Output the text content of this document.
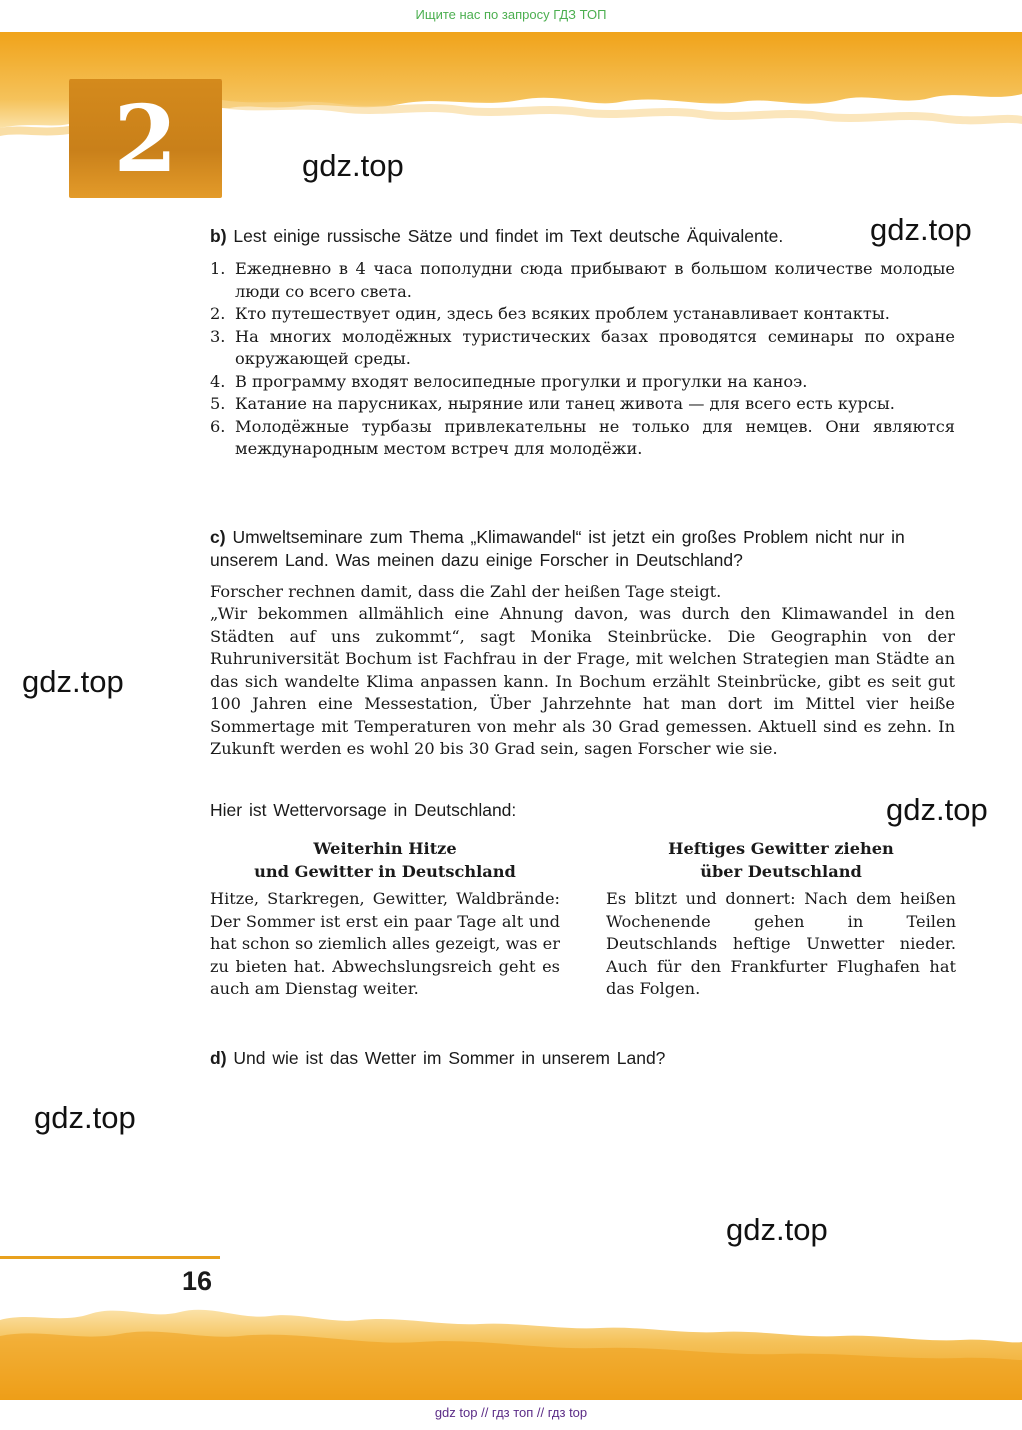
Ищите нас по запросу ГДЗ ТОП
2	gdz.top
gdz.top
gdz.top
gdz.top
gdz.top
gdz.top
b) Lest einige russische Sätze und findet im Text deutsche Äquivalente.
1. Ежедневно в 4 часа пополудни сюда прибывают в большом количестве молодые люди со всего света.
2. Кто путешествует один, здесь без всяких проблем устанавливает контакты.
3. На многих молодёжных туристических базах проводятся семинары по охране окружающей среды.
4. В программу входят велосипедные прогулки и прогулки на каноэ.
5. Катание на парусниках, ныряние или танец живота — для всего есть курсы.
6. Молодёжные турбазы привлекательны не только для немцев. Они являются международным местом встреч для молодёжи.
c) Umweltseminare zum Thema „Klimawandel“ ist jetzt ein großes Problem nicht nur in unserem Land. Was meinen dazu einige Forscher in Deutschland?
Forscher rechnen damit, dass die Zahl der heißen Tage steigt.
„Wir bekommen allmählich eine Ahnung davon, was durch den Klimawandel in den Städten auf uns zukommt“, sagt Monika Steinbrücke. Die Geographin von der Ruhruniversität Bochum ist Fachfrau in der Frage, mit welchen Strategien man Städte an das sich wandelte Klima anpassen kann. In Bochum erzählt Steinbrücke, gibt es seit gut 100 Jahren eine Messestation, Über Jahrzehnte hat man dort im Mittel vier heiße Sommertage mit Temperaturen von mehr als 30 Grad gemessen. Aktuell sind es zehn. In Zukunft werden es wohl 20 bis 30 Grad sein, sagen Forscher wie sie.
Hier ist Wettervorsage in Deutschland:
Weiterhin Hitze
und Gewitter in Deutschland
Hitze, Starkregen, Gewitter, Waldbrände: Der Sommer ist erst ein paar Tage alt und hat schon so ziemlich alles gezeigt, was er zu bieten hat. Abwechslungsreich geht es auch am Dienstag weiter.
Heftiges Gewitter ziehen
über Deutschland
Es blitzt und donnert: Nach dem heißen Wochenende gehen in Teilen Deutschlands heftige Unwetter nieder. Auch für den Frankfurter Flughafen hat das Folgen.
d) Und wie ist das Wetter im Sommer in unserem Land?
16
gdz top // гдз топ // гдз top
